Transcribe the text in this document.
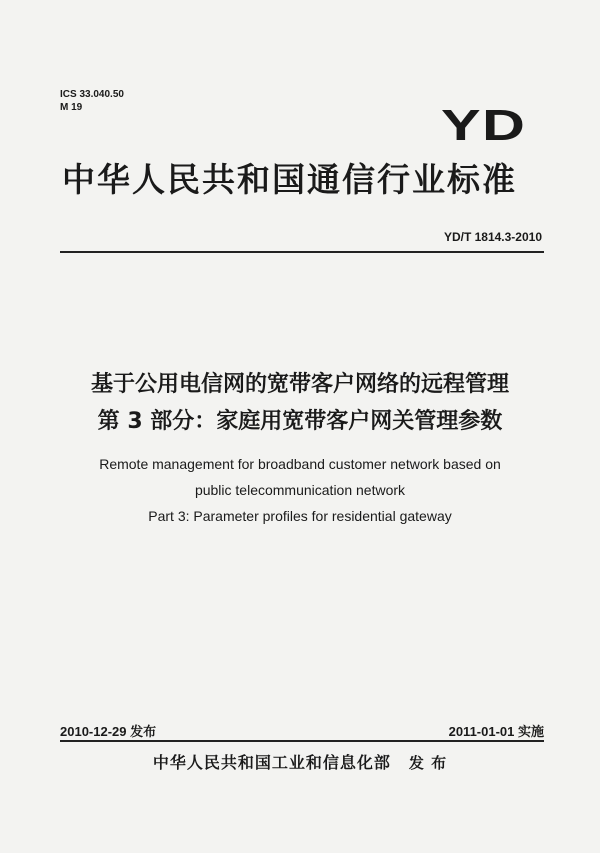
ICS 33.040.50
M 19	YD
中华人民共和国通信行业标准
YD/T 1814.3-2010
基于公用电信网的宽带客户网络的远程管理
第 3 部分：家庭用宽带客户网关管理参数
Remote management for broadband customer network based on
public telecommunication network
Part 3: Parameter profiles for residential gateway
2010-12-29 发布	2011-01-01 实施
中华人民共和国工业和信息化部 发 布
